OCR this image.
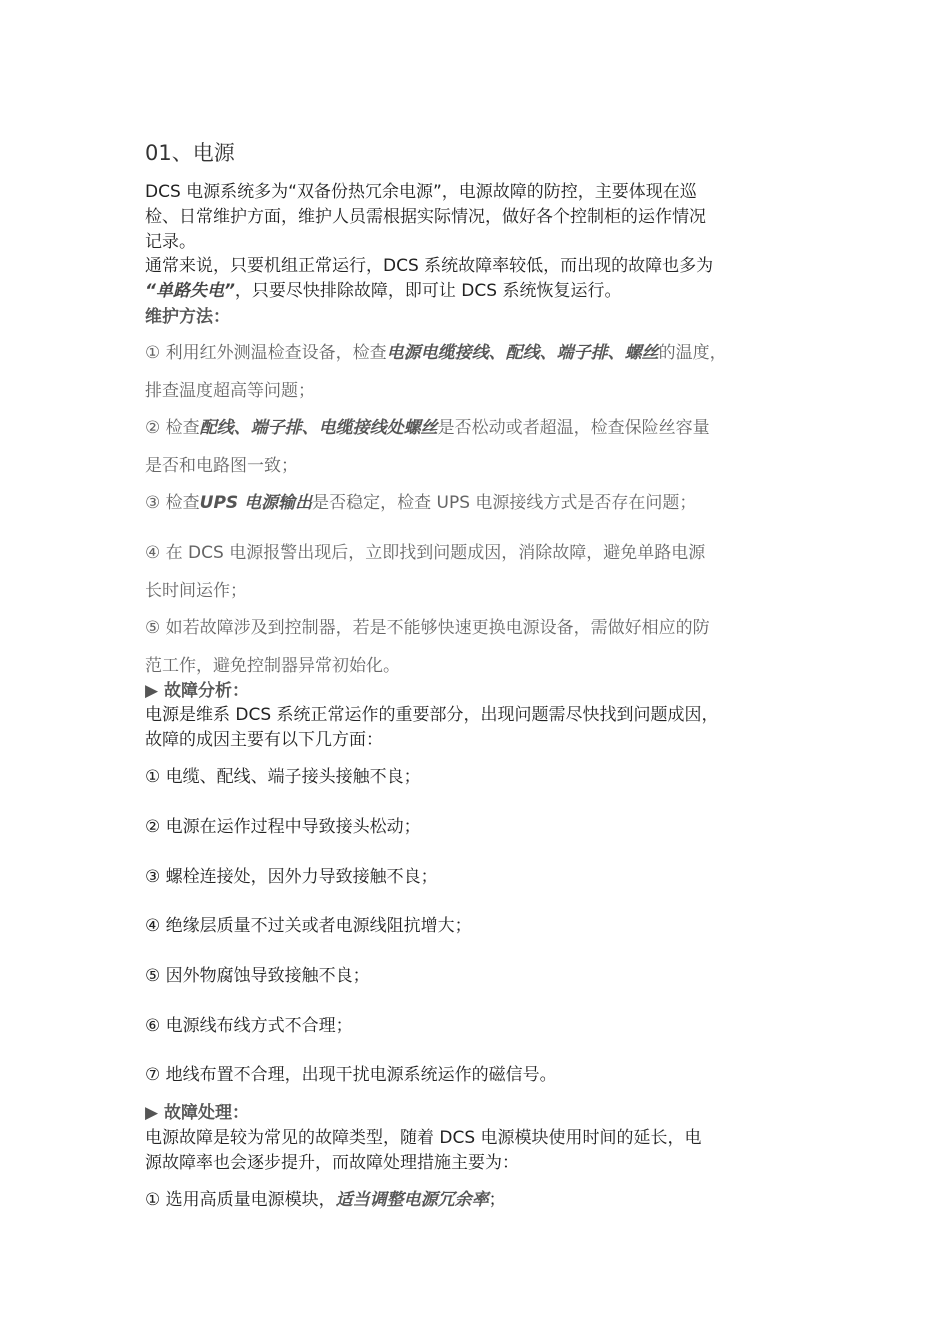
01、电源
DCS 电源系统多为“双备份热冗余电源”，电源故障的防控，主要体现在巡
检、日常维护方面，维护人员需根据实际情况，做好各个控制柜的运作情况
记录。
通常来说，只要机组正常运行，DCS 系统故障率较低，而出现的故障也多为
“单路失电”，只要尽快排除故障，即可让 DCS 系统恢复运行。
维护方法：
① 利用红外测温检查设备，检查电源电缆接线、配线、端子排、螺丝的温度，
排查温度超高等问题；
② 检查配线、端子排、电缆接线处螺丝是否松动或者超温，检查保险丝容量
是否和电路图一致；
③ 检查UPS 电源输出是否稳定，检查 UPS 电源接线方式是否存在问题；
④ 在 DCS 电源报警出现后，立即找到问题成因，消除故障，避免单路电源
长时间运作；
⑤ 如若故障涉及到控制器，若是不能够快速更换电源设备，需做好相应的防
范工作，避免控制器异常初始化。
▶ 故障分析：
电源是维系 DCS 系统正常运作的重要部分，出现问题需尽快找到问题成因，
故障的成因主要有以下几方面：
① 电缆、配线、端子接头接触不良；
② 电源在运作过程中导致接头松动；
③ 螺栓连接处，因外力导致接触不良；
④ 绝缘层质量不过关或者电源线阻抗增大；
⑤ 因外物腐蚀导致接触不良；
⑥ 电源线布线方式不合理；
⑦ 地线布置不合理，出现干扰电源系统运作的磁信号。
▶ 故障处理：
电源故障是较为常见的故障类型，随着 DCS 电源模块使用时间的延长，电
源故障率也会逐步提升，而故障处理措施主要为：
① 选用高质量电源模块，适当调整电源冗余率；
